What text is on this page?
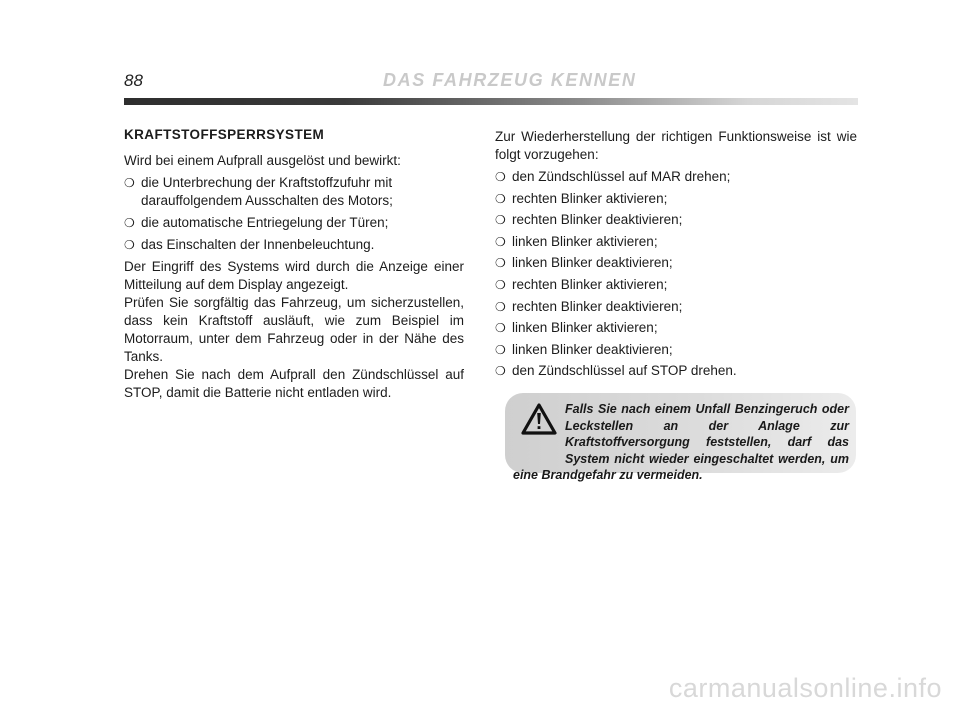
88	DAS FAHRZEUG KENNEN
KRAFTSTOFFSPERRSYSTEM

Wird bei einem Aufprall ausgelöst und bewirkt:

❍ die Unterbrechung der Kraftstoffzufuhr mit darauffolgendem Ausschalten des Motors;
❍ die automatische Entriegelung der Türen;
❍ das Einschalten der Innenbeleuchtung.

Der Eingriff des Systems wird durch die Anzeige einer Mitteilung auf dem Display angezeigt.

Prüfen Sie sorgfältig das Fahrzeug, um sicherzustellen, dass kein Kraftstoff ausläuft, wie zum Beispiel im Motorraum, unter dem Fahrzeug oder in der Nähe des Tanks.

Drehen Sie nach dem Aufprall den Zündschlüssel auf STOP, damit die Batterie nicht entladen wird.

Zur Wiederherstellung der richtigen Funktionsweise ist wie folgt vorzugehen:

❍ den Zündschlüssel auf MAR drehen;
❍ rechten Blinker aktivieren;
❍ rechten Blinker deaktivieren;
❍ linken Blinker aktivieren;
❍ linken Blinker deaktivieren;
❍ rechten Blinker aktivieren;
❍ rechten Blinker deaktivieren;
❍ linken Blinker aktivieren;
❍ linken Blinker deaktivieren;
❍ den Zündschlüssel auf STOP drehen.
Falls Sie nach einem Unfall Benzingeruch oder Leckstellen an der Anlage zur Kraftstoffversorgung feststellen, darf das System nicht wieder eingeschaltet werden, um eine Brandgefahr zu vermeiden.
carmanualsonline.info
